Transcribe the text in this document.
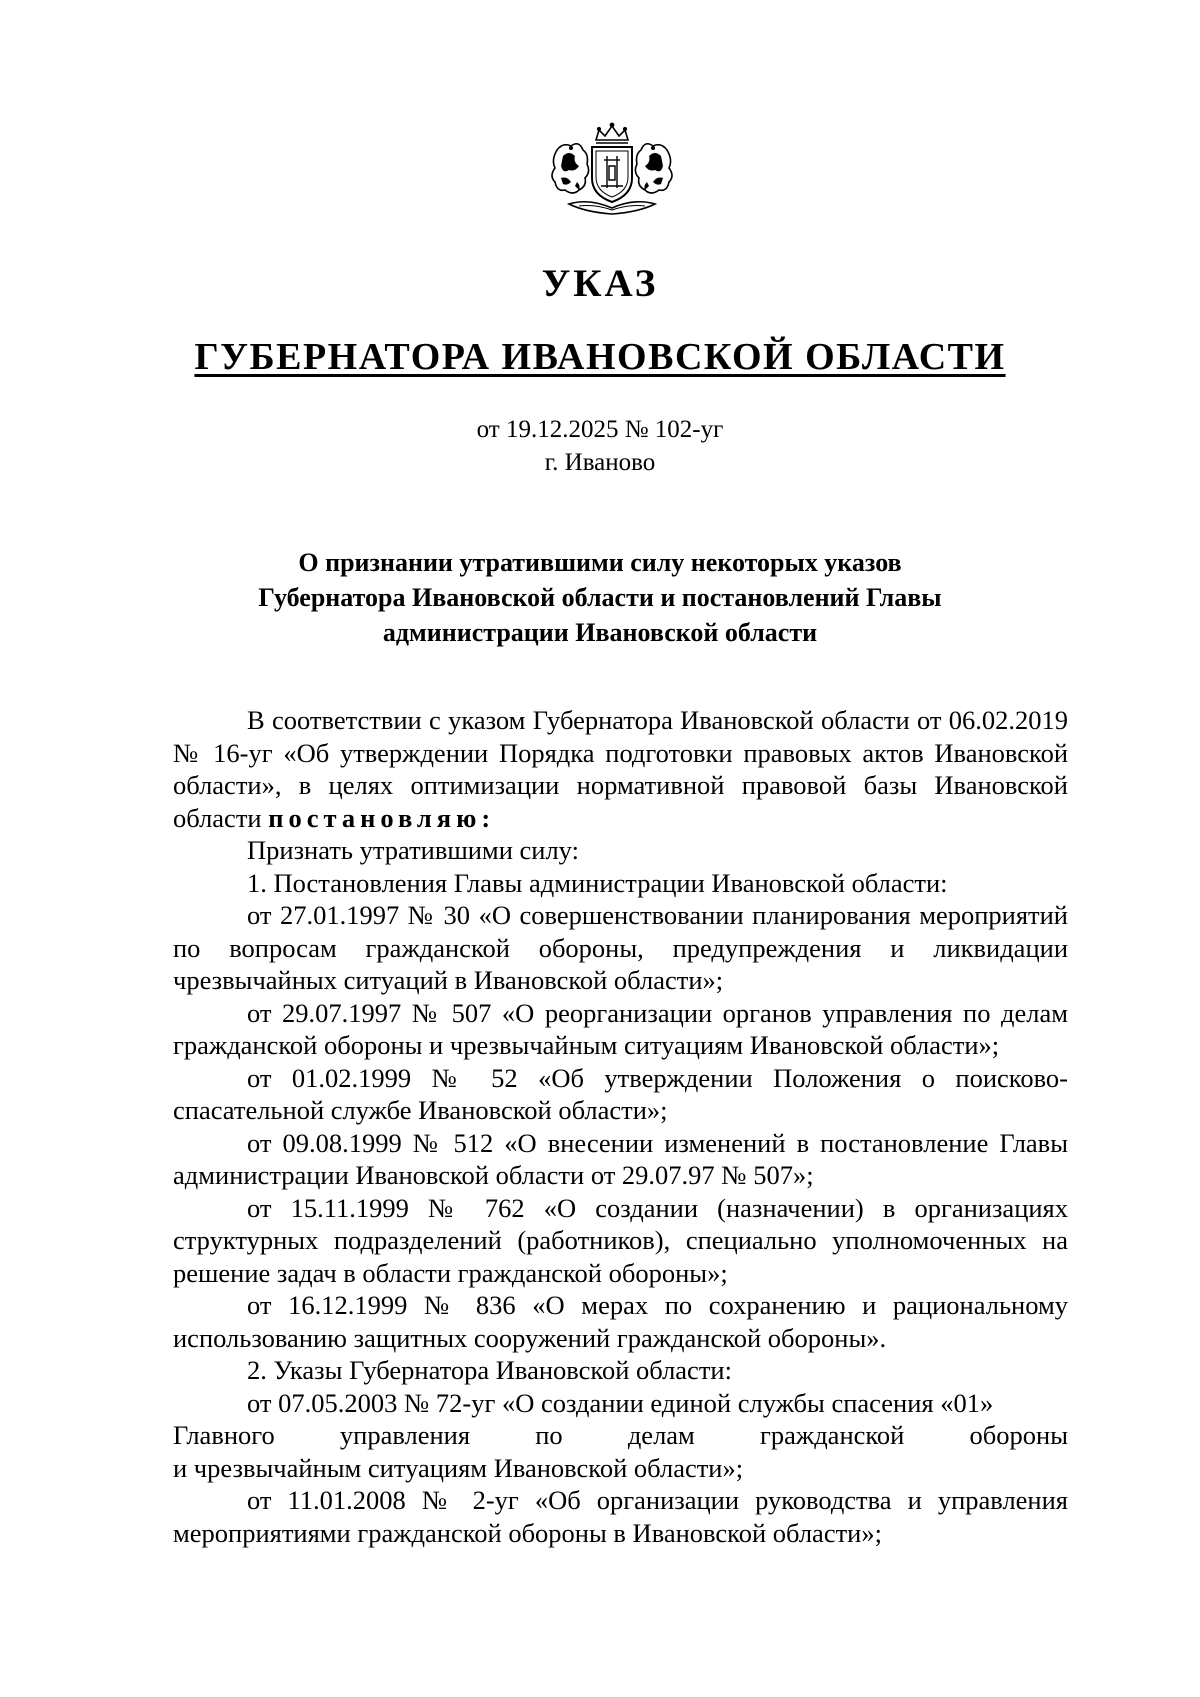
УКАЗ
ГУБЕРНАТОРА ИВАНОВСКОЙ ОБЛАСТИ
от 19.12.2025 № 102-уг
г. Иваново
О признании утратившими силу некоторых указов
Губернатора Ивановской области и постановлений Главы
администрации Ивановской области

В соответствии с указом Губернатора Ивановской области от 06.02.2019 № 16-уг «Об утверждении Порядка подготовки правовых актов Ивановской области», в целях оптимизации нормативной правовой базы Ивановской области постановляю:

Признать утратившими силу:

1. Постановления Главы администрации Ивановской области:

от 27.01.1997 № 30 «О совершенствовании планирования мероприятий по вопросам гражданской обороны, предупреждения и ликвидации чрезвычайных ситуаций в Ивановской области»;

от 29.07.1997 № 507 «О реорганизации органов управления по делам гражданской обороны и чрезвычайным ситуациям Ивановской области»;

от 01.02.1999 № 52 «Об утверждении Положения о поисково-спасательной службе Ивановской области»;

от 09.08.1999 № 512 «О внесении изменений в постановление Главы администрации Ивановской области от 29.07.97 № 507»;

от 15.11.1999 № 762 «О создании (назначении) в организациях структурных подразделений (работников), специально уполномоченных на решение задач в области гражданской обороны»;

от 16.12.1999 № 836 «О мерах по сохранению и рациональному использованию защитных сооружений гражданской обороны».

2. Указы Губернатора Ивановской области:

от 07.05.2003 № 72-уг «О создании единой службы спасения «01»

Главного управления по делам гражданской обороны

и чрезвычайным ситуациям Ивановской области»;

от 11.01.2008 № 2-уг «Об организации руководства и управления мероприятиями гражданской обороны в Ивановской области»;
